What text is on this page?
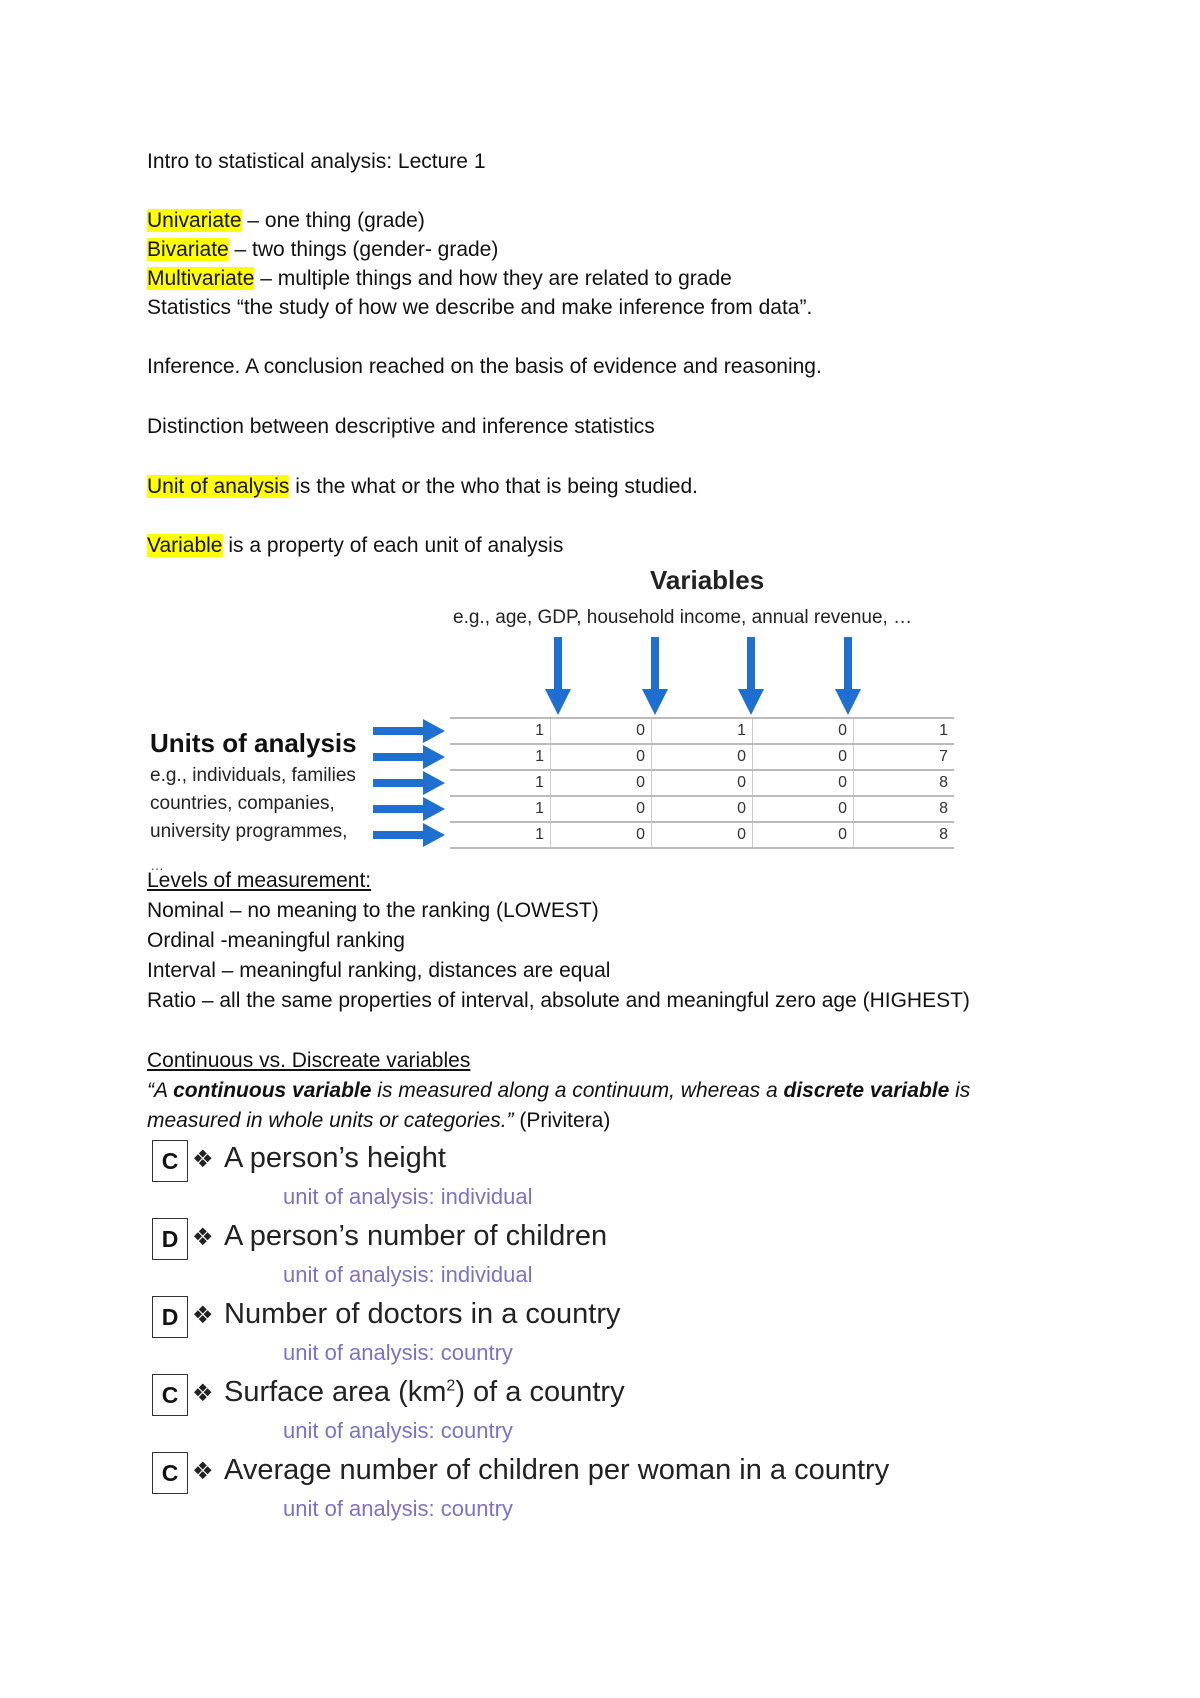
Intro to statistical analysis: Lecture 1
Univariate – one thing (grade)
Bivariate – two things (gender- grade)
Multivariate – multiple things and how they are related to grade
Statistics “the study of how we describe and make inference from data”.
Inference. A conclusion reached on the basis of evidence and reasoning.
Distinction between descriptive and inference statistics
Unit of analysis is the what or the who that is being studied.
Variable is a property of each unit of analysis
Variables
e.g., age, GDP, household income, annual revenue, …
Units of analysis
e.g., individuals, families
countries, companies,
university programmes,
…
1	0	1	0	1
1	0	0	0	7
1	0	0	0	8
1	0	0	0	8
1	0	0	0	8
Levels of measurement:
Nominal – no meaning to the ranking (LOWEST)
Ordinal -meaningful ranking
Interval – meaningful ranking, distances are equal
Ratio – all the same properties of interval, absolute and meaningful zero age (HIGHEST)
Continuous vs. Discreate variables
“A continuous variable is measured along a continuum, whereas a discrete variable is
measured in whole units or categories.” (Privitera)
C ❖ A person’s height
unit of analysis: individual
D ❖ A person’s number of children
unit of analysis: individual
D ❖ Number of doctors in a country
unit of analysis: country
C ❖ Surface area $(km^2)$ of a country
unit of analysis: country
C ❖ Average number of children per woman in a country
unit of analysis: country
